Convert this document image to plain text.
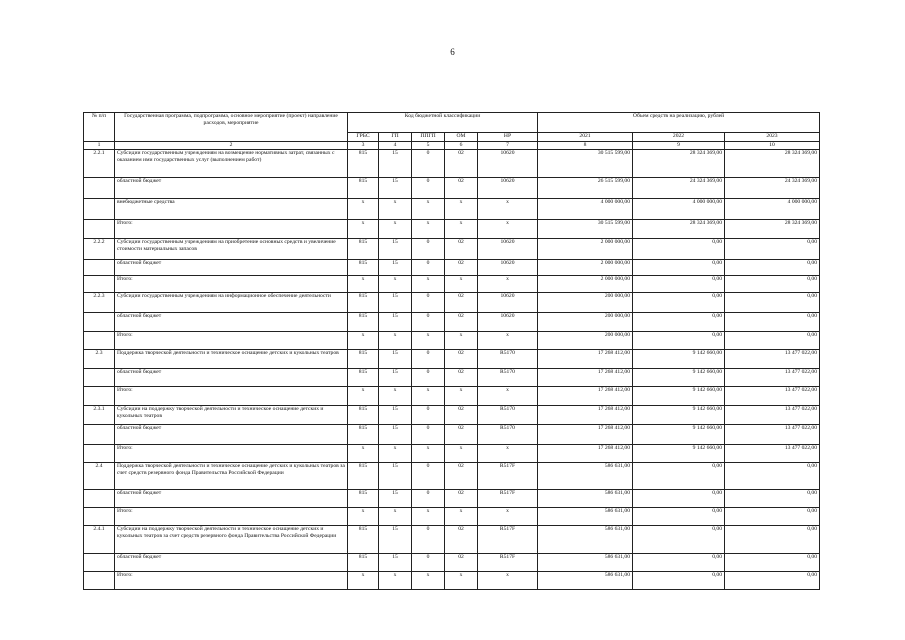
6
№ п/п	Государственная программа, подпрограмма, основное мероприятие (проект) направление расходов, мероприятие	Код бюджетной классификации					Объем средств на реализацию, рублей		
		ГРБС	ГП	ППГП	ОМ	НР	2021	2022	2023
1	2	3	4	5	6	7	8	9	10
2.2.1	Субсидии государственным учреждениям на возмещение нормативных затрат, связанных с оказанием ими государственных услуг (выполнением работ)	815	15	0	02	10620	30 515 599,00	28 324 369,00	28 324 369,00
	областной бюджет	815	15	0	02	10620	26 515 599,00	24 324 369,00	24 324 369,00
	внебюджетные средства	х	х	х	х	х	4 000 000,00	4 000 000,00	4 000 000,00
	Итого:	х	х	х	х	х	30 515 599,00	28 324 369,00	28 324 369,00
2.2.2	Субсидии государственным учреждениям на приобретение основных средств и увеличение стоимости материальных запасов	815	15	0	02	10620	2 000 000,00	0,00	0,00
	областной бюджет	815	15	0	02	10620	2 000 000,00	0,00	0,00
	Итого:	х	х	х	х	х	2 000 000,00	0,00	0,00
2.2.3	Субсидии государственным учреждениям на информационное обеспечение деятельности	815	15	0	02	10620	200 000,00	0,00	0,00
	областной бюджет	815	15	0	02	10620	200 000,00	0,00	0,00
	Итого:	х	х	х	х	х	200 000,00	0,00	0,00
2.3	Поддержка творческой деятельности и техническое оснащение детских и кукольных театров	815	15	0	02	R5170	17 268 412,00	9 142 660,00	13 477 022,00
	областной бюджет	815	15	0	02	R5170	17 268 412,00	9 142 660,00	13 477 022,00
	Итого:	х	х	х	х	х	17 268 412,00	9 142 660,00	13 477 022,00
2.3.1	Субсидии на поддержку творческой деятельности и техническое оснащение детских и кукольных театров	815	15	0	02	R5170	17 268 412,00	9 142 660,00	13 477 022,00
	областной бюджет	815	15	0	02	R5170	17 268 412,00	9 142 660,00	13 477 022,00
	Итого:	х	х	х	х	х	17 268 412,00	9 142 660,00	13 477 022,00
2.4	Поддержка творческой деятельности и техническое оснащение детских и кукольных театров за счет средств резервного фонда Правительства Российской Федерации	815	15	0	02	R517F	586 631,00	0,00	0,00
	областной бюджет	815	15	0	02	R517F	586 631,00	0,00	0,00
	Итого:	х	х	х	х	х	586 631,00	0,00	0,00
2.4.1	Субсидии на поддержку творческой деятельности и техническое оснащение детских и кукольных театров за счет средств резервного фонда Правительства Российской Федерации	815	15	0	02	R517F	586 631,00	0,00	0,00
	областной бюджет	815	15	0	02	R517F	586 631,00	0,00	0,00
	Итого:	х	х	х	х	х	586 631,00	0,00	0,00
